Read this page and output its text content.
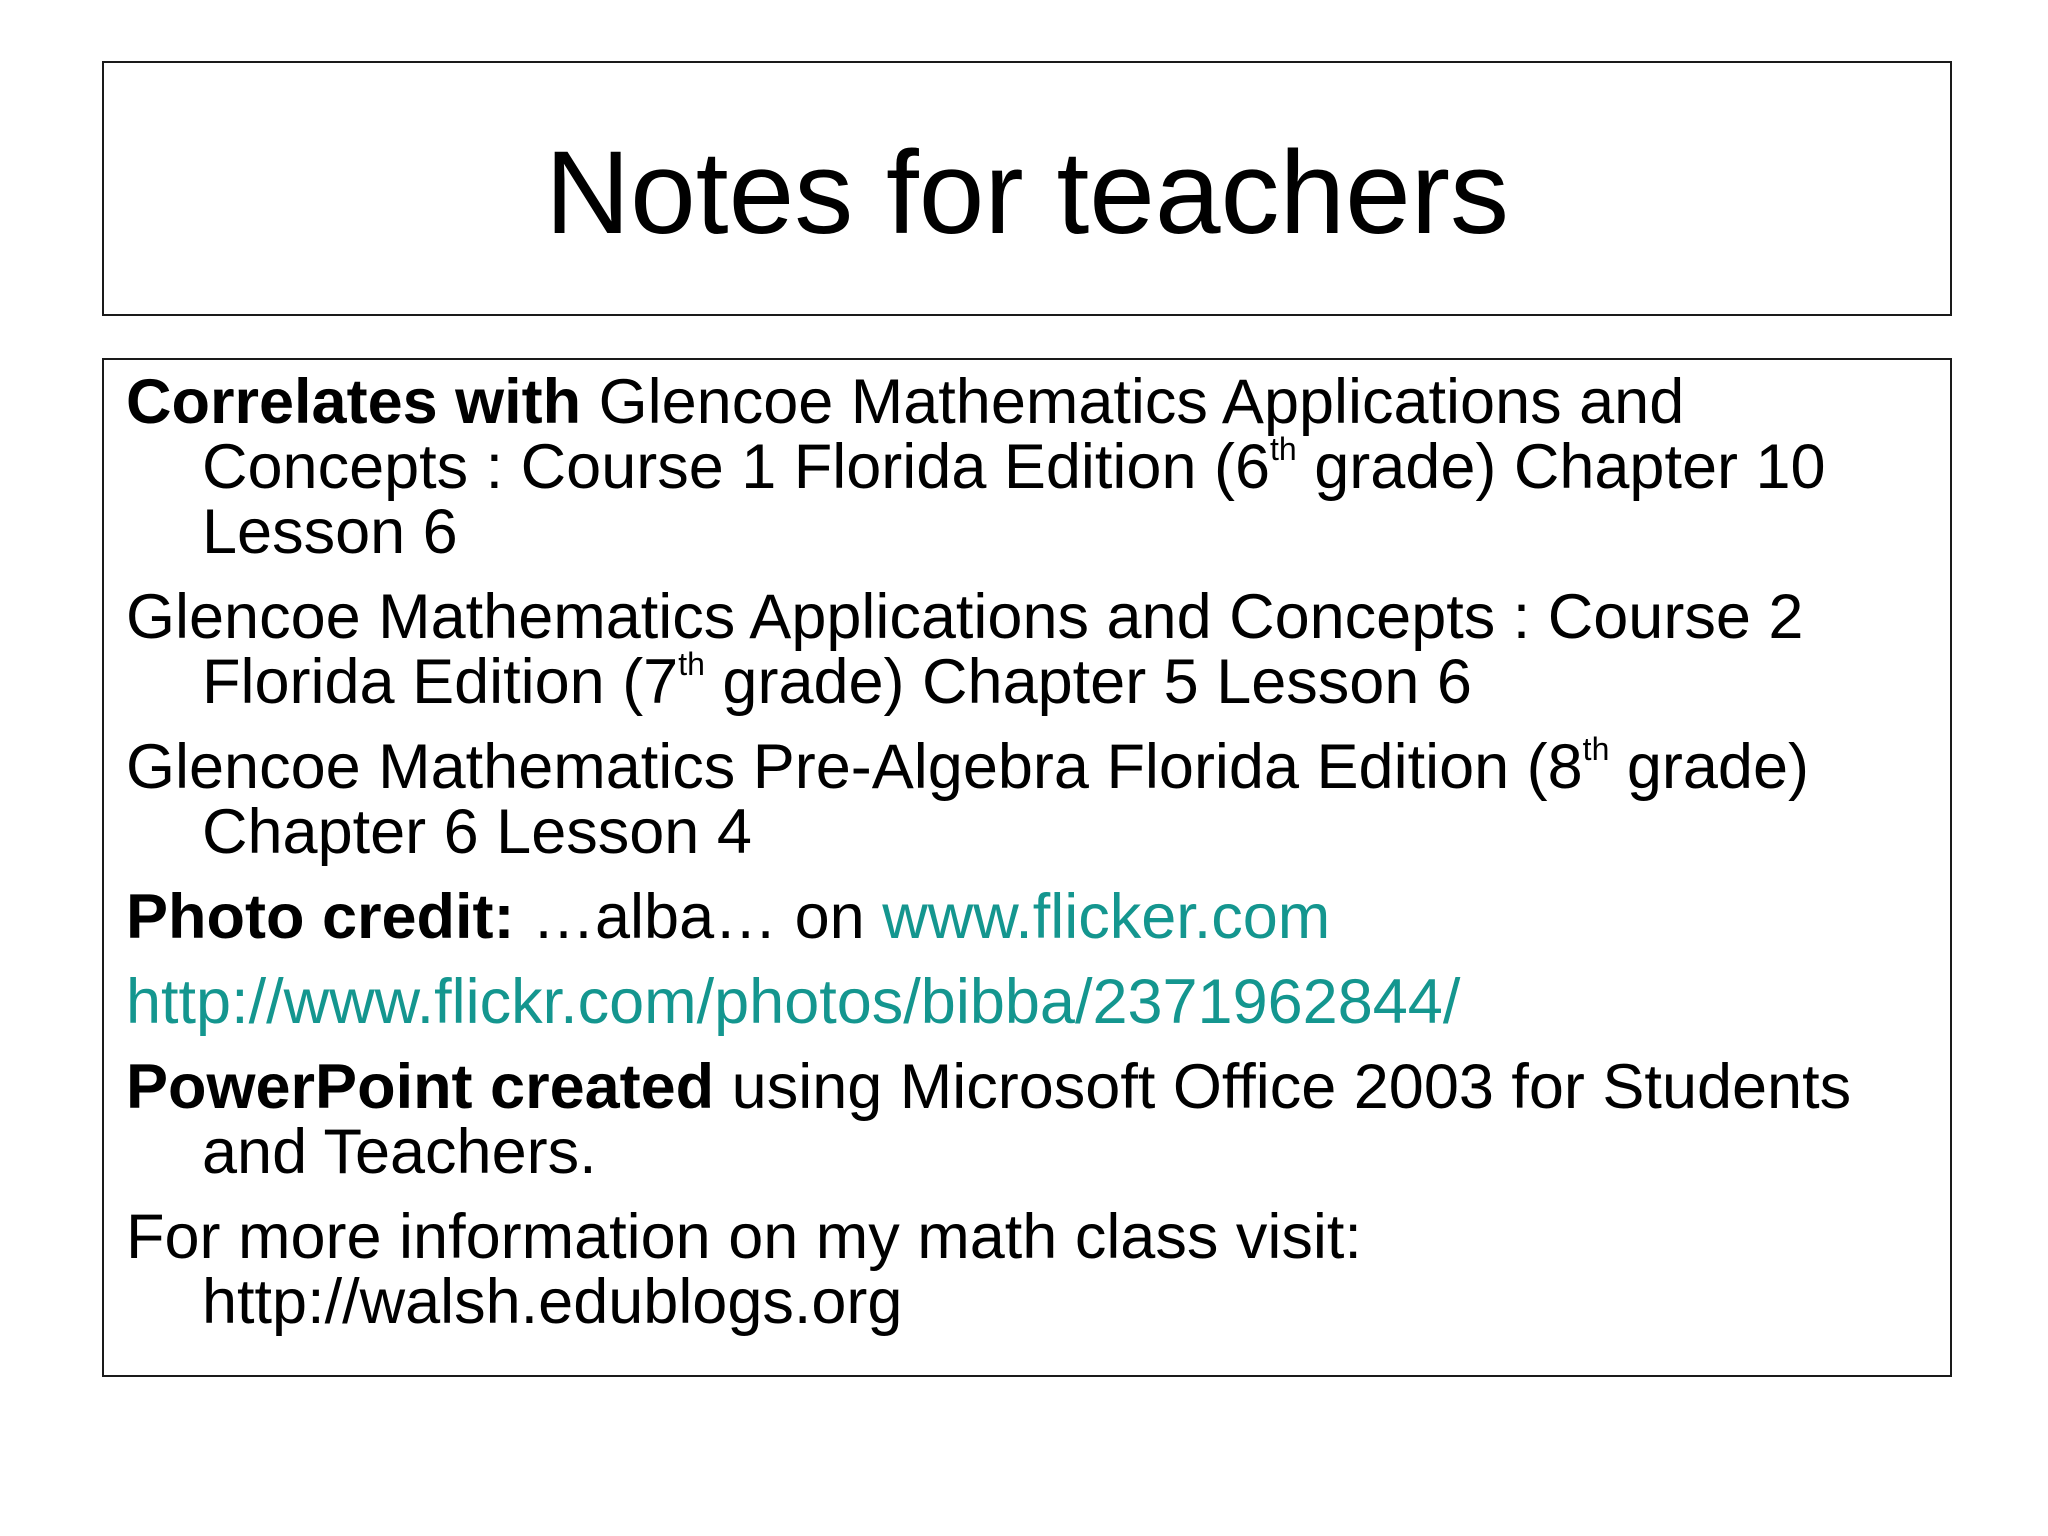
Notes for teachers

Correlates with Glencoe Mathematics Applications and Concepts : Course 1 Florida Edition (6th grade) Chapter 10 Lesson 6

Glencoe Mathematics Applications and Concepts : Course 2 Florida Edition (7th grade) Chapter 5 Lesson 6

Glencoe Mathematics Pre-Algebra Florida Edition (8th grade) Chapter 6 Lesson 4

Photo credit: …alba… on www.flicker.com

http://www.flickr.com/photos/bibba/2371962844/

PowerPoint created using Microsoft Office 2003 for Students and Teachers.

For more information on my math class visit: http://walsh.edublogs.org
